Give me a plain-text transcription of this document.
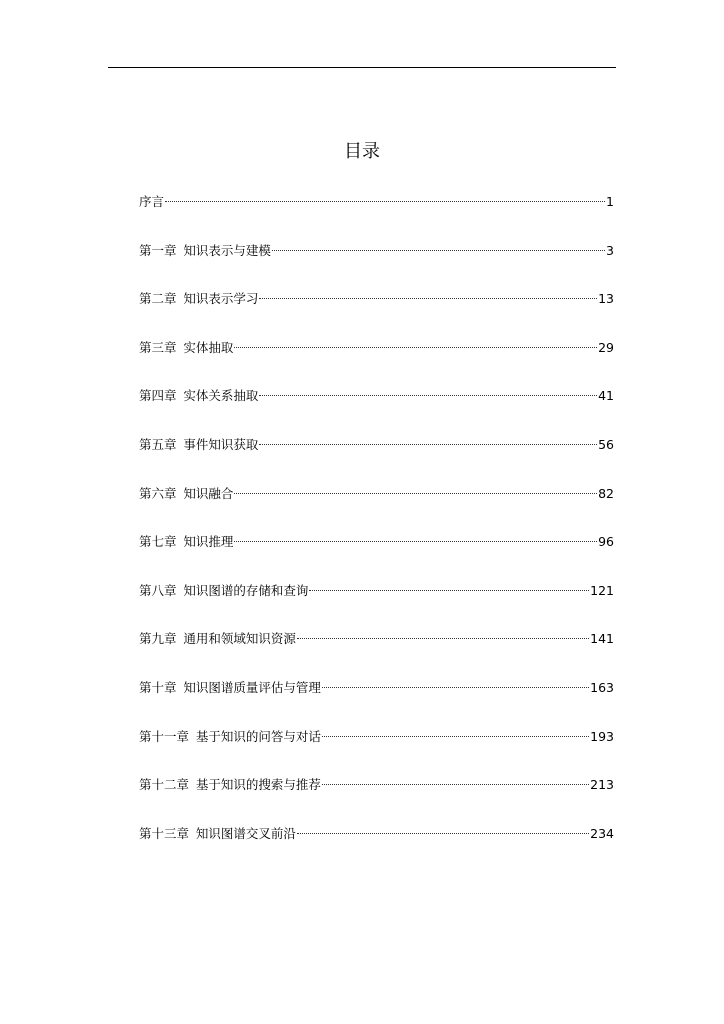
目录
序言	1
第一章 知识表示与建模	3
第二章 知识表示学习	13
第三章 实体抽取	29
第四章 实体关系抽取	41
第五章 事件知识获取	56
第六章 知识融合	82
第七章 知识推理	96
第八章 知识图谱的存储和查询	121
第九章 通用和领域知识资源	141
第十章 知识图谱质量评估与管理	163
第十一章 基于知识的问答与对话	193
第十二章 基于知识的搜索与推荐	213
第十三章 知识图谱交叉前沿	234
